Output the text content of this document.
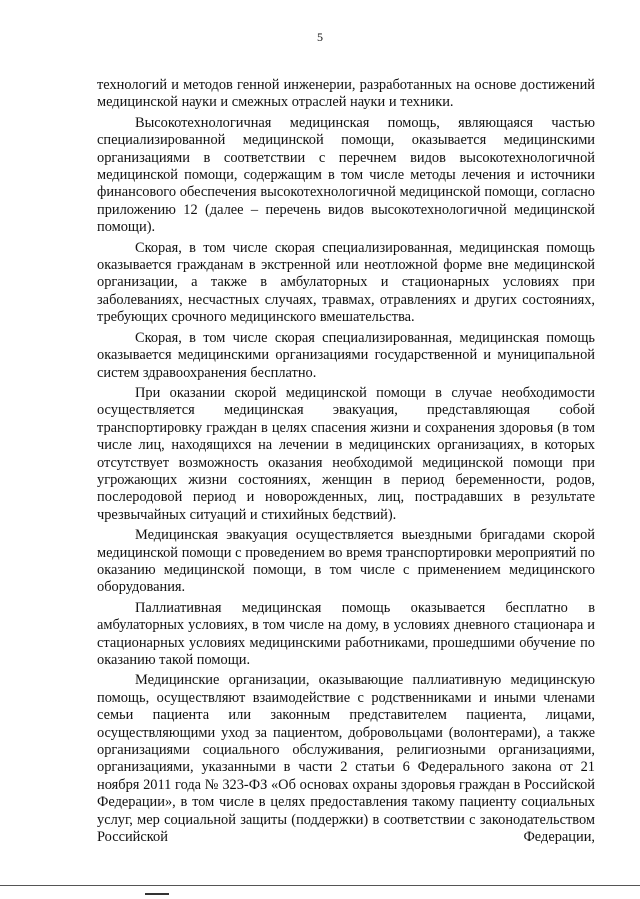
5

технологий и методов генной инженерии, разработанных на основе достижений медицинской науки и смежных отраслей науки и техники.

Высокотехнологичная медицинская помощь, являющаяся частью специализированной медицинской помощи, оказывается медицинскими организациями в соответствии с перечнем видов высокотехнологичной медицинской помощи, содержащим в том числе методы лечения и источники финансового обеспечения высокотехнологичной медицинской помощи, согласно приложению 12 (далее – перечень видов высокотехнологичной медицинской помощи).

Скорая, в том числе скорая специализированная, медицинская помощь оказывается гражданам в экстренной или неотложной форме вне медицинской организации, а также в амбулаторных и стационарных условиях при заболеваниях, несчастных случаях, травмах, отравлениях и других состояниях, требующих срочного медицинского вмешательства.

Скорая, в том числе скорая специализированная, медицинская помощь оказывается медицинскими организациями государственной и муниципальной систем здравоохранения бесплатно.

При оказании скорой медицинской помощи в случае необходимости осуществляется медицинская эвакуация, представляющая собой транспортировку граждан в целях спасения жизни и сохранения здоровья (в том числе лиц, находящихся на лечении в медицинских организациях, в которых отсутствует возможность оказания необходимой медицинской помощи при угрожающих жизни состояниях, женщин в период беременности, родов, послеродовой период и новорожденных, лиц, пострадавших в результате чрезвычайных ситуаций и стихийных бедствий).

Медицинская эвакуация осуществляется выездными бригадами скорой медицинской помощи с проведением во время транспортировки мероприятий по оказанию медицинской помощи, в том числе с применением медицинского оборудования.

Паллиативная медицинская помощь оказывается бесплатно в амбулаторных условиях, в том числе на дому, в условиях дневного стационара и стационарных условиях медицинскими работниками, прошедшими обучение по оказанию такой помощи.

Медицинские организации, оказывающие паллиативную медицинскую помощь, осуществляют взаимодействие с родственниками и иными членами семьи пациента или законным представителем пациента, лицами, осуществляющими уход за пациентом, добровольцами (волонтерами), а также организациями социального обслуживания, религиозными организациями, организациями, указанными в части 2 статьи 6 Федерального закона от 21 ноября 2011 года № 323-ФЗ «Об основах охраны здоровья граждан в Российской Федерации», в том числе в целях предоставления такому пациенту социальных услуг, мер социальной защиты (поддержки) в соответствии с законодательством Российской Федерации,
